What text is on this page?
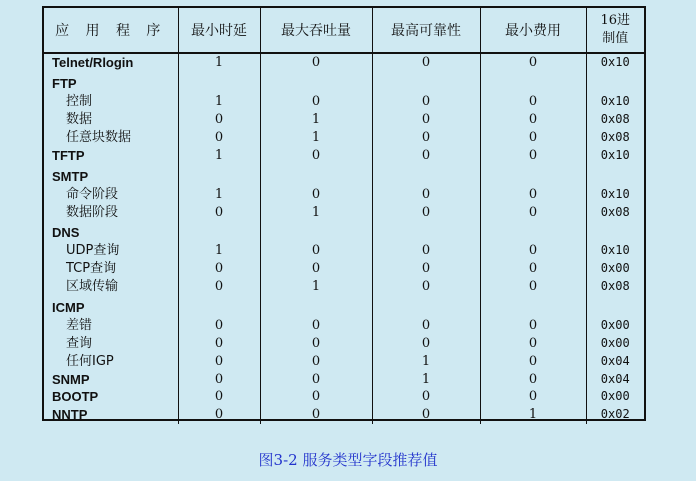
应 用 程 序	最小时延	最大吞吐量	最高可靠性	最小费用	16进
制值

Telnet/Rlogin	1	0	0	0	0x10
FTP					
控制	1	0	0	0	0x10
数据	0	1	0	0	0x08
任意块数据	0	1	0	0	0x08
TFTP	1	0	0	0	0x10
SMTP					
命令阶段	1	0	0	0	0x10
数据阶段	0	1	0	0	0x08
DNS					
UDP查询	1	0	0	0	0x10
TCP查询	0	0	0	0	0x00
区域传输	0	1	0	0	0x08
ICMP					
差错	0	0	0	0	0x00
查询	0	0	0	0	0x00
任何IGP	0	0	1	0	0x04
SNMP	0	0	1	0	0x04
BOOTP	0	0	0	0	0x00
NNTP	0	0	0	1	0x02
图3-2 服务类型字段推荐值
